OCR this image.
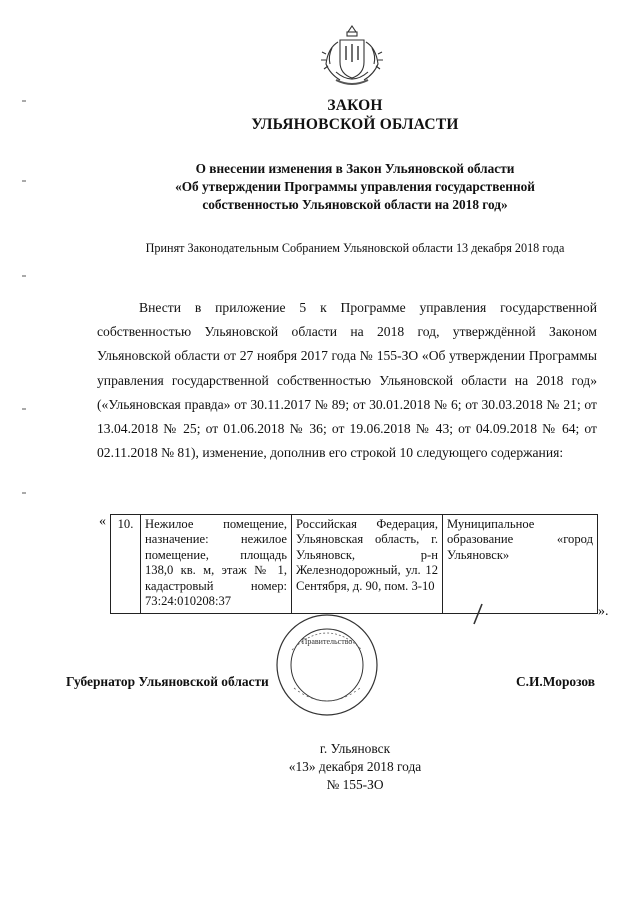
ЗАКОН
УЛЬЯНОВСКОЙ ОБЛАСТИ
О внесении изменения в Закон Ульяновской области
«Об утверждении Программы управления государственной
собственностью Ульяновской области на 2018 год»
Принят Законодательным Собранием Ульяновской области 13 декабря 2018 года
Внести в приложение 5 к Программе управления государственной собственностью Ульяновской области на 2018 год, утверждённой Законом Ульяновской области от 27 ноября 2017 года № 155-ЗО «Об утверждении Программы управления государственной собственностью Ульяновской области на 2018 год» («Ульяновская правда» от 30.11.2017 № 89; от 30.01.2018 № 6; от 30.03.2018 № 21; от 13.04.2018 № 25; от 01.06.2018 № 36; от 19.06.2018 № 43; от 04.09.2018 № 64; от 02.11.2018 № 81), изменение, дополнив его строкой 10 следующего содержания:
« 10.	Нежилое помещение, назначение: нежилое помещение, площадь 138,0 кв. м, этаж № 1, кадастровый номер: 73:24:010208:37	Российская Федерация, Ульяновская область, г. Ульяновск, р-н Железнодорожный, ул. 12 Сентября, д. 90, пом. 3-10	Муниципальное образование «город Ульяновск»
».
Правительство
Губернатор Ульяновской области	С.И.Морозов
г. Ульяновск
«13» декабря 2018 года
№ 155-ЗО
